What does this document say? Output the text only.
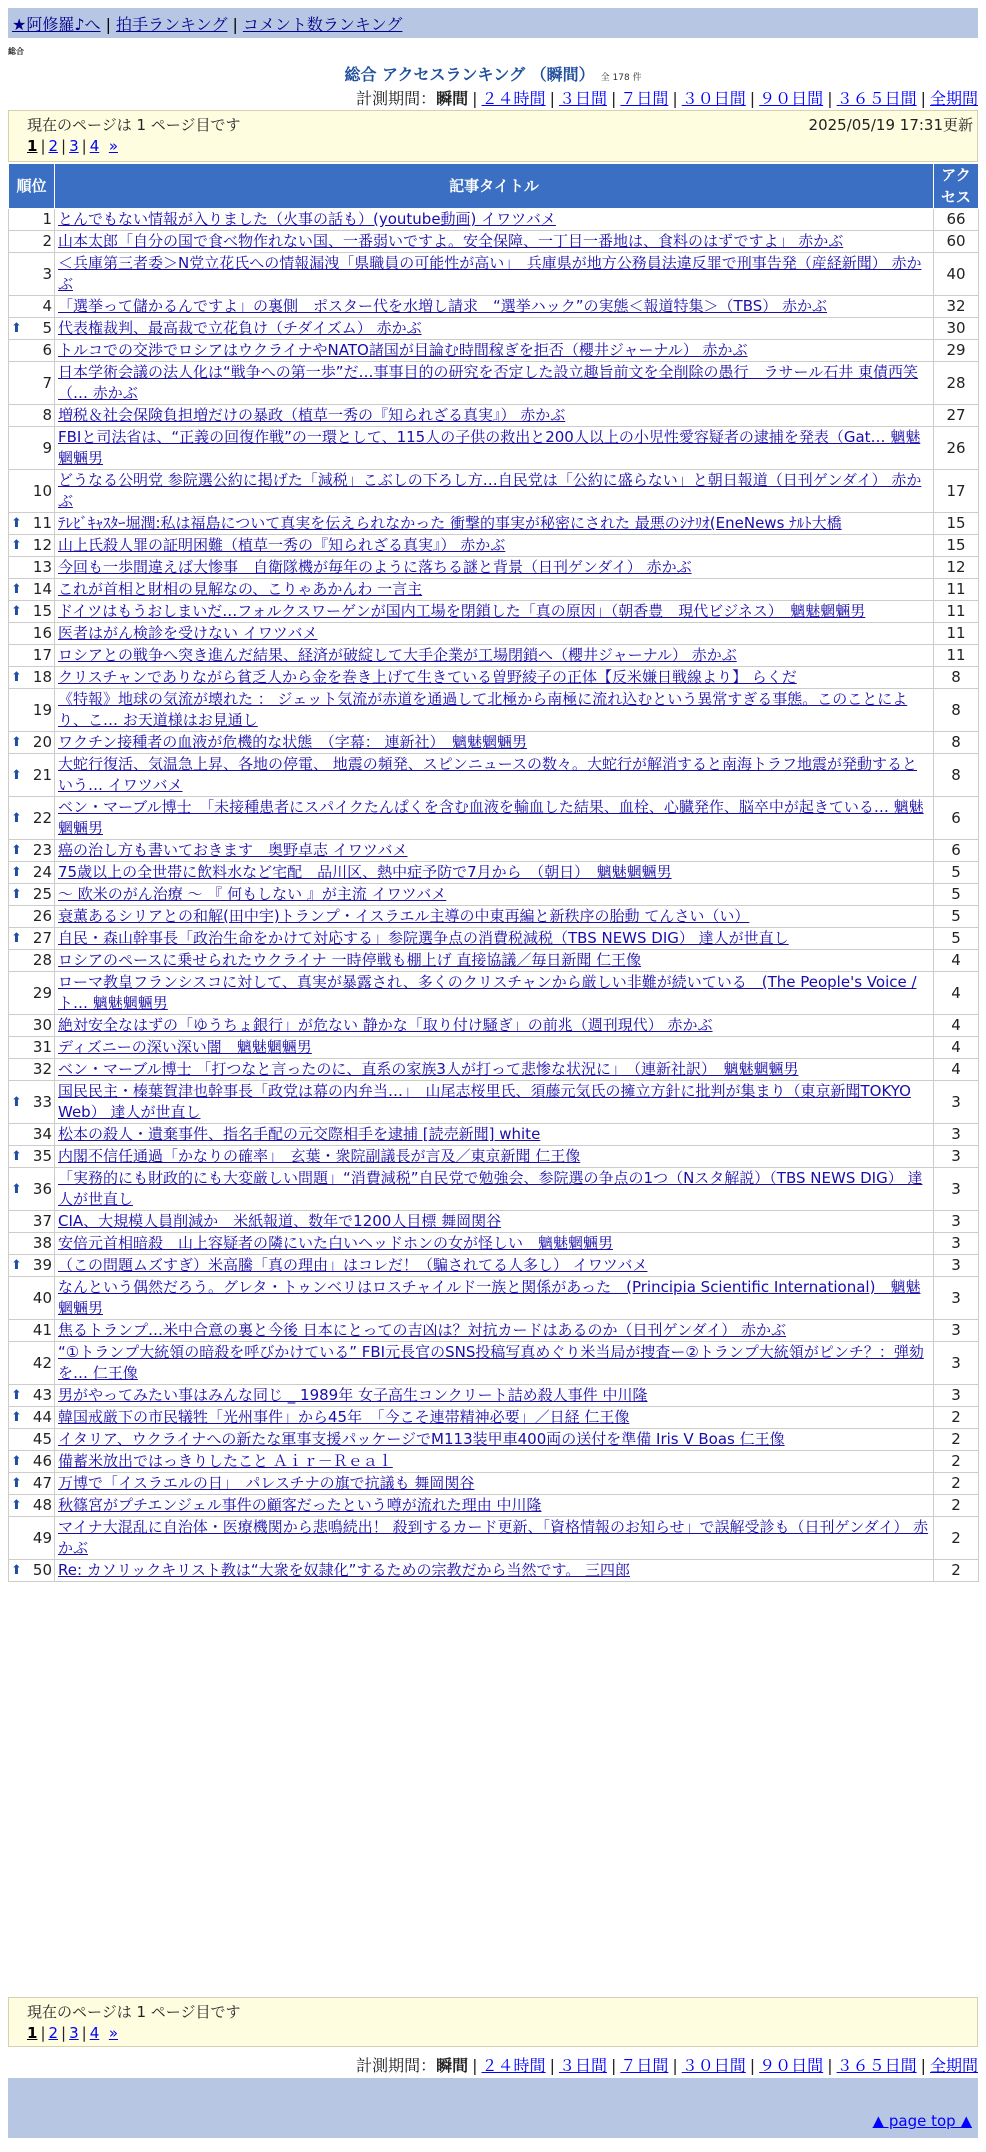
★阿修羅♪へ | 拍手ランキング | コメント数ランキング
総合
総合 アクセスランキング （瞬間） 全 178 件
計測期間：瞬間 | ２４時間 | ３日間 | ７日間 | ３０日間 | ９０日間 | ３６５日間 | 全期間
現在のページは 1 ページ目です	2025/05/19 17:31更新
1 | 2 | 3 | 4 »
順位	記事タイトル	アクセス
1	とんでもない情報が入りました（火事の話も）(youtube動画) イワツバメ	66
2	山本太郎「自分の国で食べ物作れない国、一番弱いですよ。安全保障、一丁目一番地は、食料のはずですよ」 赤かぶ	60
3	＜兵庫第三者委＞N党立花氏への情報漏洩「県職員の可能性が高い」　兵庫県が地方公務員法違反罪で刑事告発（産経新聞） 赤かぶ	40
4	「選挙って儲かるんですよ」の裏側　ポスター代を水増し請求　“選挙ハック”の実態＜報道特集＞（TBS） 赤かぶ	32

⬆ 5	代表権裁判、最高裁で立花負け（チダイズム） 赤かぶ	30
6	トルコでの交渉でロシアはウクライナやNATO諸国が目論む時間稼ぎを拒否（櫻井ジャーナル） 赤かぶ	29
7	日本学術会議の法人化は“戦争への第一歩”だ…事事目的の研究を否定した設立趣旨前文を全削除の愚行　ラサール石井 東債西笑（… 赤かぶ	28
8	増税＆社会保険負担増だけの暴政（植草一秀の『知られざる真実』） 赤かぶ	27
9	FBIと司法省は、“正義の回復作戦”の一環として、115人の子供の救出と200人以上の小児性愛容疑者の逮捕を発表（Gat… 魑魅魍魎男	26
10	どうなる公明党 参院選公約に掲げた「減税」こぶしの下ろし方…自民党は「公約に盛らない」と朝日報道（日刊ゲンダイ） 赤かぶ	17

⬆ 11	ﾃﾚﾋﾞｷｬｽﾀｰ堀潤:私は福島について真実を伝えられなかった 衝撃的事実が秘密にされた 最悪のｼﾅﾘｵ(EneNews ﾅﾙﾄ大橋	15

⬆ 12	山上氏殺人罪の証明困難（植草一秀の『知られざる真実』） 赤かぶ	15
13	今回も一歩間違えば大惨事　自衛隊機が毎年のように落ちる謎と背景（日刊ゲンダイ） 赤かぶ	12

⬆ 14	これが首相と財相の見解なの、こりゃあかんわ 一言主	11

⬆ 15	ドイツはもうおしまいだ…フォルクスワーゲンが国内工場を閉鎖した「真の原因」（朝香豊　現代ビジネス）　魑魅魍魎男	11
16	医者はがん検診を受けない イワツバメ	11
17	ロシアとの戦争へ突き進んだ結果、経済が破綻して大手企業が工場閉鎖へ（櫻井ジャーナル） 赤かぶ	11

⬆ 18	クリスチャンでありながら貧乏人から金を巻き上げて生きている曽野綾子の正体【反米嫌日戦線より】 らくだ	8
19	《特報》地球の気流が壊れた ： ジェット気流が赤道を通過して北極から南極に流れ込むという異常すぎる事態。このことにより、こ… お天道様はお見通し	8

⬆ 20	ワクチン接種者の血液が危機的な状態　（字幕： 連新社）　魑魅魍魎男	8

⬆ 21	大蛇行復活、気温急上昇、各地の停電、 地震の頻発、スピンニュースの数々。大蛇行が解消すると南海トラフ地震が発動するという… イワツバメ	8

⬆ 22	ベン・マーブル博士　「未接種患者にスパイクたんぱくを含む血液を輸血した結果、血栓、心臓発作、脳卒中が起きている… 魑魅魍魎男	6

⬆ 23	癌の治し方も書いておきます　奥野卓志 イワツバメ	6

⬆ 24	75歳以上の全世帯に飲料水など宅配　品川区、熱中症予防で7月から　（朝日）　魑魅魍魎男	5

⬆ 25	～ 欧米のがん治療 ～ 『 何もしない 』が主流 イワツバメ	5
26	衰薫あるシリアとの和解(田中宇)トランプ・イスラエル主導の中東再編と新秩序の胎動 てんさい（い）	5

⬆ 27	自民・森山幹事長「政治生命をかけて対応する」参院選争点の消費税減税（TBS NEWS DIG） 達人が世直し	5
28	ロシアのペースに乗せられたウクライナ 一時停戦も棚上げ 直接協議／毎日新聞 仁王像	4
29	ローマ教皇フランシスコに対して、真実が暴露され、多くのクリスチャンから厳しい非難が続いている　(The People's Voice / ト… 魑魅魍魎男	4
30	絶対安全なはずの「ゆうちょ銀行」が危ない 静かな「取り付け騒ぎ」の前兆（週刊現代） 赤かぶ	4
31	ディズニーの深い深い闇　魑魅魍魎男	4
32	ベン・マーブル博士 「打つなと言ったのに、直系の家族3人が打って悲惨な状況に」　（連新社訳）　魑魅魍魎男	4

⬆ 33	国民民主・榛葉賀津也幹事長「政党は幕の内弁当…」　山尾志桜里氏、須藤元気氏の擁立方針に批判が集まり（東京新聞TOKYO Web） 達人が世直し	3
34	松本の殺人・遺棄事件、指名手配の元交際相手を逮捕 [読売新聞] white	3

⬆ 35	内閣不信任通過「かなりの確率」　玄葉・衆院副議長が言及／東京新聞 仁王像	3

⬆ 36	「実務的にも財政的にも大変厳しい問題」“消費減税”自民党で勉強会、参院選の争点の1つ（Nスタ解説）（TBS NEWS DIG） 達人が世直し	3
37	CIA、大規模人員削減か　米紙報道、数年で1200人目標 舞岡関谷	3
38	安倍元首相暗殺　山上容疑者の隣にいた白いヘッドホンの女が怪しい　魑魅魍魎男	3

⬆ 39	（この問題ムズすぎ）米高騰「真の理由」はコレだ！（騙されてる人多し） イワツバメ	3
40	なんという偶然だろう。グレタ・トゥンベリはロスチャイルド一族と関係があった　(Principia Scientific International)　魑魅魍魎男	3
41	焦るトランプ…米中合意の裏と今後 日本にとっての吉凶は？対抗カードはあるのか（日刊ゲンダイ） 赤かぶ	3
42	“①トランプ大統領の暗殺を呼びかけている” FBI元長官のSNS投稿写真めぐり米当局が捜査ー②トランプ大統領がピンチ？：弾劾を… 仁王像	3

⬆ 43	男がやってみたい事はみんな同じ _ 1989年 女子高生コンクリート詰め殺人事件 中川隆	3

⬆ 44	韓国戒厳下の市民犠牲「光州事件」から45年　「今こそ連帯精神必要」／日経 仁王像	2
45	イタリア、ウクライナへの新たな軍事支援パッケージでM113装甲車400両の送付を準備 Iris V Boas 仁王像	2

⬆ 46	備蓄米放出ではっきりしたこと Ａｉｒ－Ｒｅａｌ	2

⬆ 47	万博で「イスラエルの日」　パレスチナの旗で抗議も 舞岡関谷	2

⬆ 48	秋篠宮がプチエンジェル事件の顧客だったという噂が流れた理由 中川隆	2
49	マイナ大混乱に自治体・医療機関から悲鳴続出！ 殺到するカード更新、「資格情報のお知らせ」で誤解受診も（日刊ゲンダイ） 赤かぶ	2

⬆ 50	Re: カソリックキリスト教は“大衆を奴隷化”するための宗教だから当然です。 三四郎	2
現在のページは 1 ページ目です
1 | 2 | 3 | 4 »
計測期間：瞬間 | ２４時間 | ３日間 | ７日間 | ３０日間 | ９０日間 | ３６５日間 | 全期間
▲ page top ▲
